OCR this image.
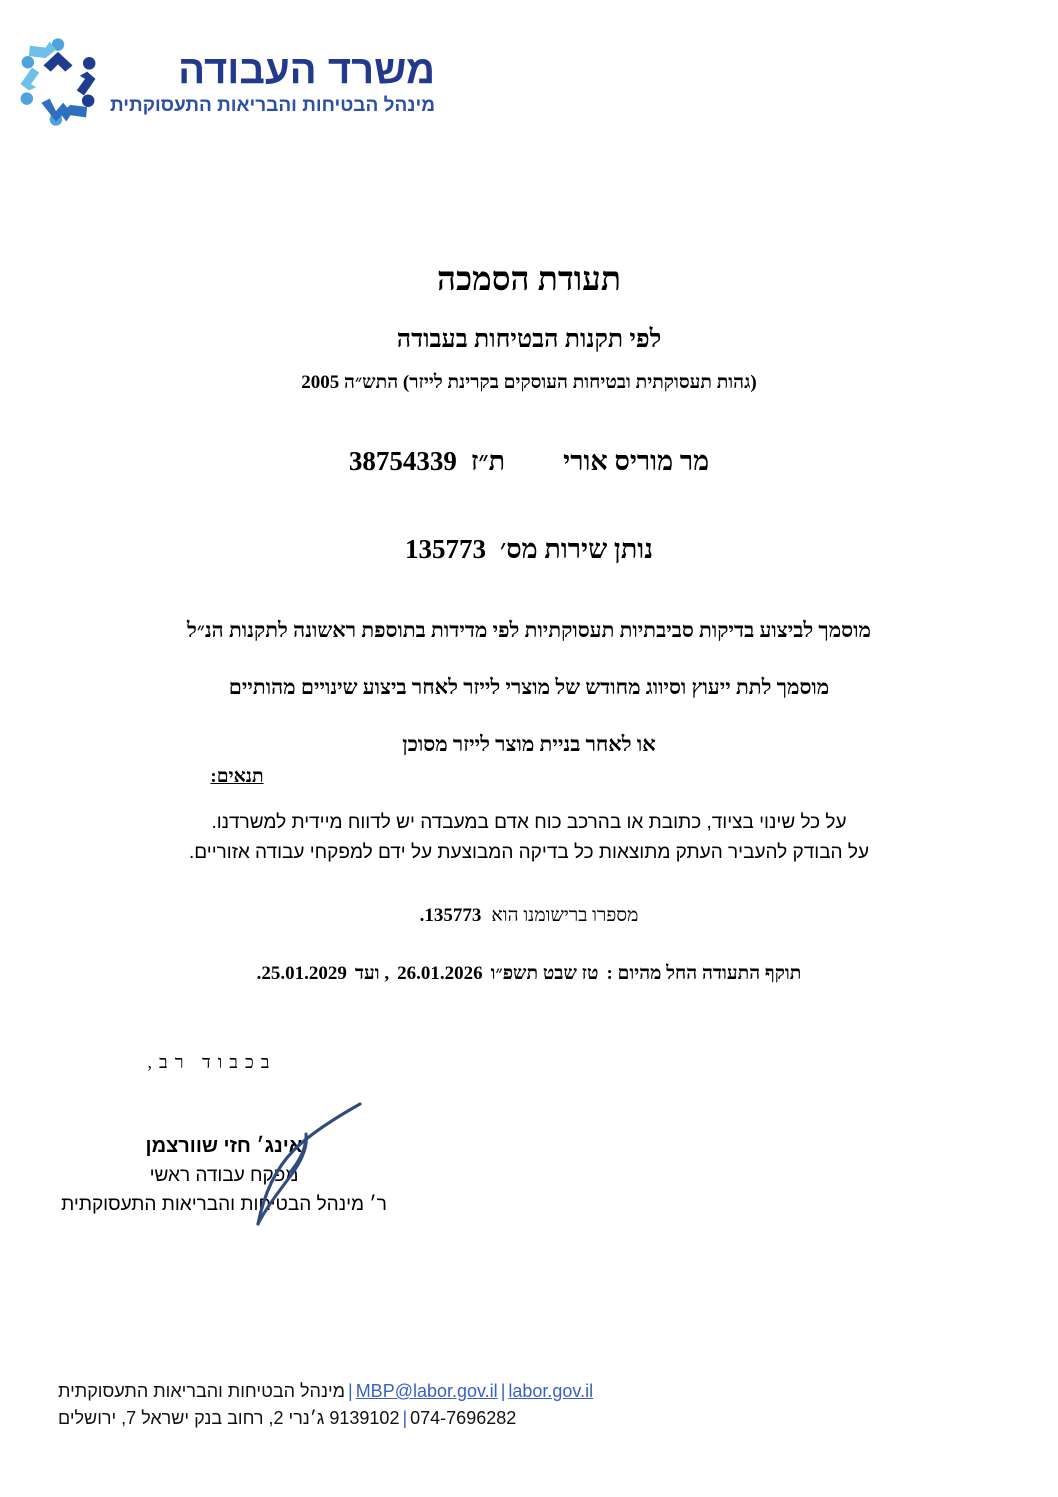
משרד העבודה
מינהל הבטיחות והבריאות התעסוקתית
תעודת הסמכה
לפי תקנות הבטיחות בעבודה
(גהות תעסוקתית ובטיחות העוסקים בקרינת לייזר) התש״ה 2005
מר מוריס אורית״ז38754339
נותן שירות מס׳135773
מוסמך לביצוע בדיקות סביבתיות תעסוקתיות לפי מדידות בתוספת ראשונה לתקנות הנ״ל
מוסמך לתת ייעוץ וסיווג מחודש של מוצרי לייזר לאחר ביצוע שינויים מהותיים
או לאחר בניית מוצר לייזר מסוכן
תנאים:
על כל שינוי בציוד, כתובת או בהרכב כוח אדם במעבדה יש לדווח מיידית למשרדנו.
על הבודק להעביר העתק מתוצאות כל בדיקה המבוצעת על ידם למפקחי עבודה אזוריים.
מספרו ברישומנו הוא135773.
תוקף התעודה החל מהיום :טז שבט תשפ״ו26.01.2026, ועד25.01.2029.
בכבוד רב,
אינג׳ חזי שוורצמן
מפקח עבודה ראשי
ר׳ מינהל הבטיחות והבריאות התעסוקתית
MBP@labor.gov.il | labor.gov.il|מינהל הבטיחות והבריאות התעסוקתית
074-7696282|9139102 ג׳נרי 2, רחוב בנק ישראל 7, ירושלים
